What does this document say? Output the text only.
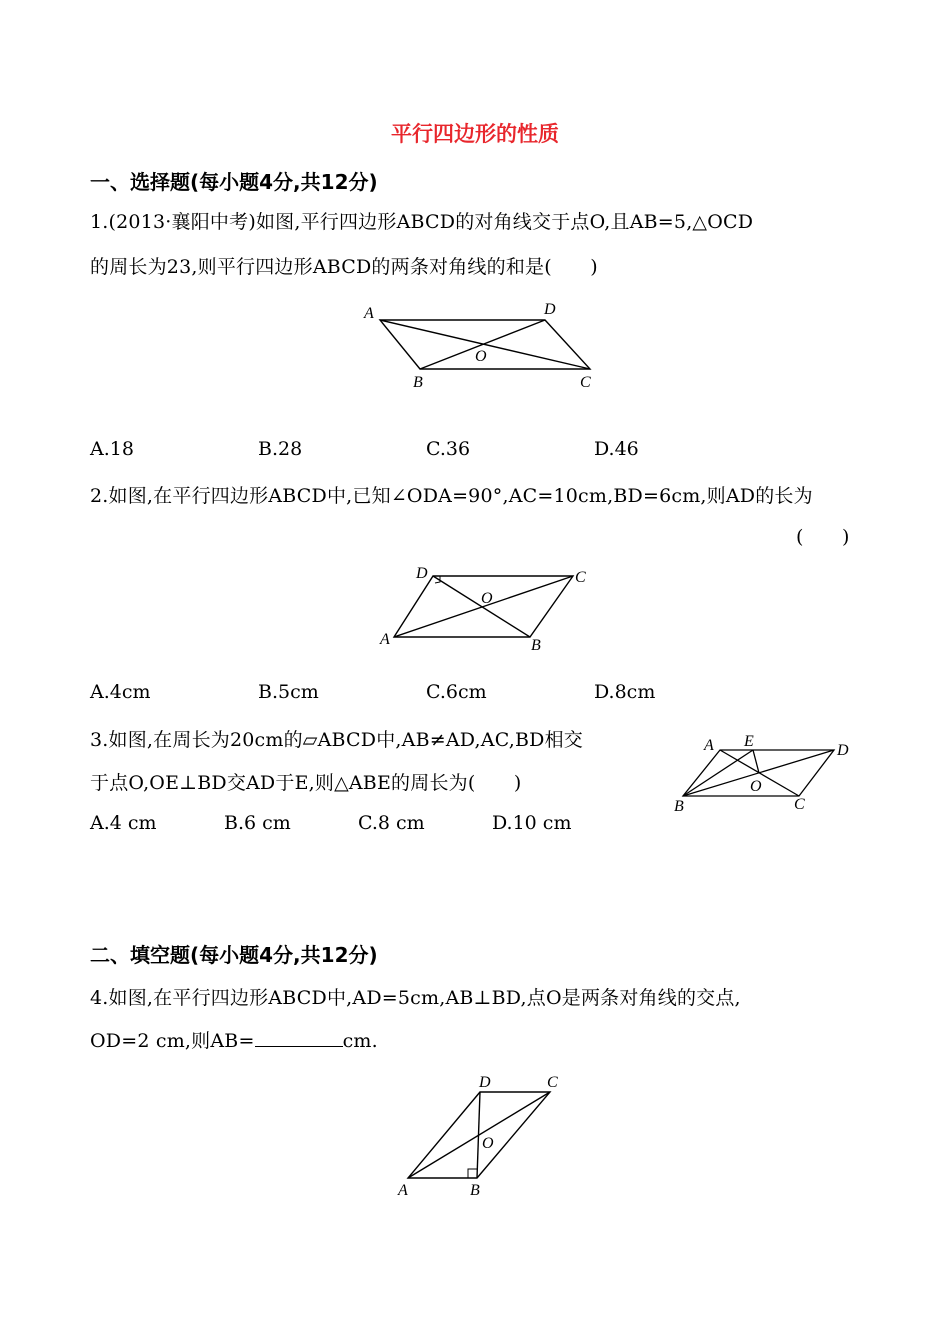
平行四边形的性质
一、选择题(每小题4分,共12分)
1.(2013·襄阳中考)如图,平行四边形ABCD的对角线交于点O,且AB=5,△OCD
的周长为23,则平行四边形ABCD的两条对角线的和是(　　)
A	D
O
B	C
A.18	B.28	C.36	D.46
2.如图,在平行四边形ABCD中,已知∠ODA=90°,AC=10cm,BD=6cm,则AD的长为
(　　)
D	C
O
A	B
A.4cm	B.5cm	C.6cm	D.8cm
3.如图,在周长为20cm的▱ABCD中,AB≠AD,AC,BD相交
于点O,OE⊥BD交AD于E,则△ABE的周长为(　　)
A E
D
O
B	C
A.4 cm	B.6 cm	C.8 cm	D.10 cm
二、填空题(每小题4分,共12分)
4.如图,在平行四边形ABCD中,AD=5cm,AB⊥BD,点O是两条对角线的交点,
OD=2 cm,则AB=	cm.
D	C
O
A	B
